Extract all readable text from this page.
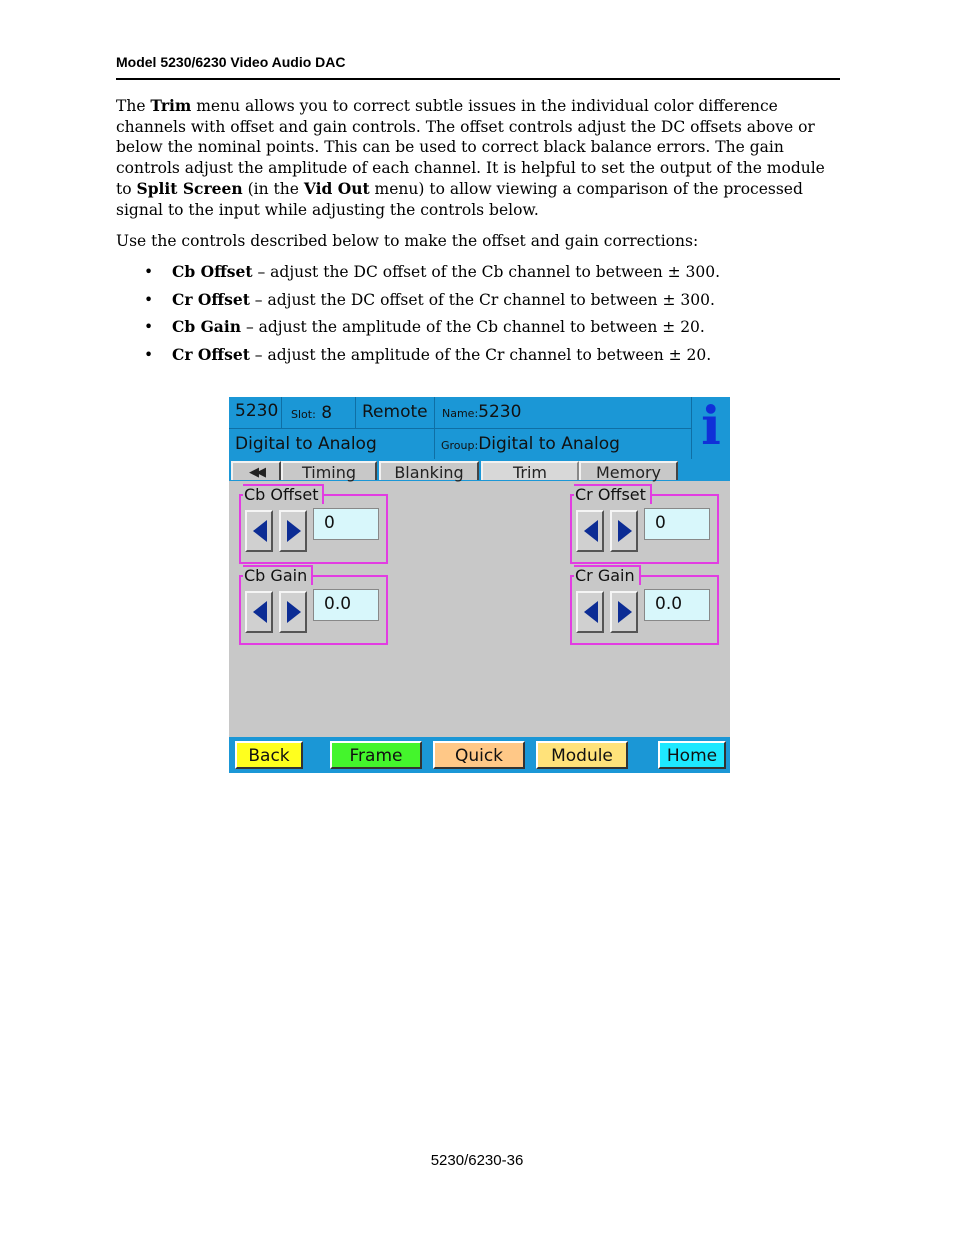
Model 5230/6230 Video Audio DAC

The Trim menu allows you to correct subtle issues in the individual color difference channels with offset and gain controls. The offset controls adjust the DC offsets above or below the nominal points. This can be used to correct black balance errors. The gain controls adjust the amplitude of each channel. It is helpful to set the output of the module to Split Screen (in the Vid Out menu) to allow viewing a comparison of the processed signal to the input while adjusting the controls below.

Use the controls described below to make the offset and gain corrections:

• Cb Offset – adjust the DC offset of the Cb channel to between ± 300.
• Cr Offset – adjust the DC offset of the Cr channel to between ± 300.
• Cb Gain – adjust the amplitude of the Cb channel to between ± 20.
• Cr Offset – adjust the amplitude of the Cr channel to between ± 20.
5230 Slot: 8 Remote Name:5230
Digital to Analog	Group:Digital to Analog i
◀◀	Timing	Blanking	Trim	Memory
Cb Offset
0
Cr Offset
0
Cb Gain
0.0
Cr Gain
0.0
Back	Frame	Quick	Module	Home
5230/6230-36
